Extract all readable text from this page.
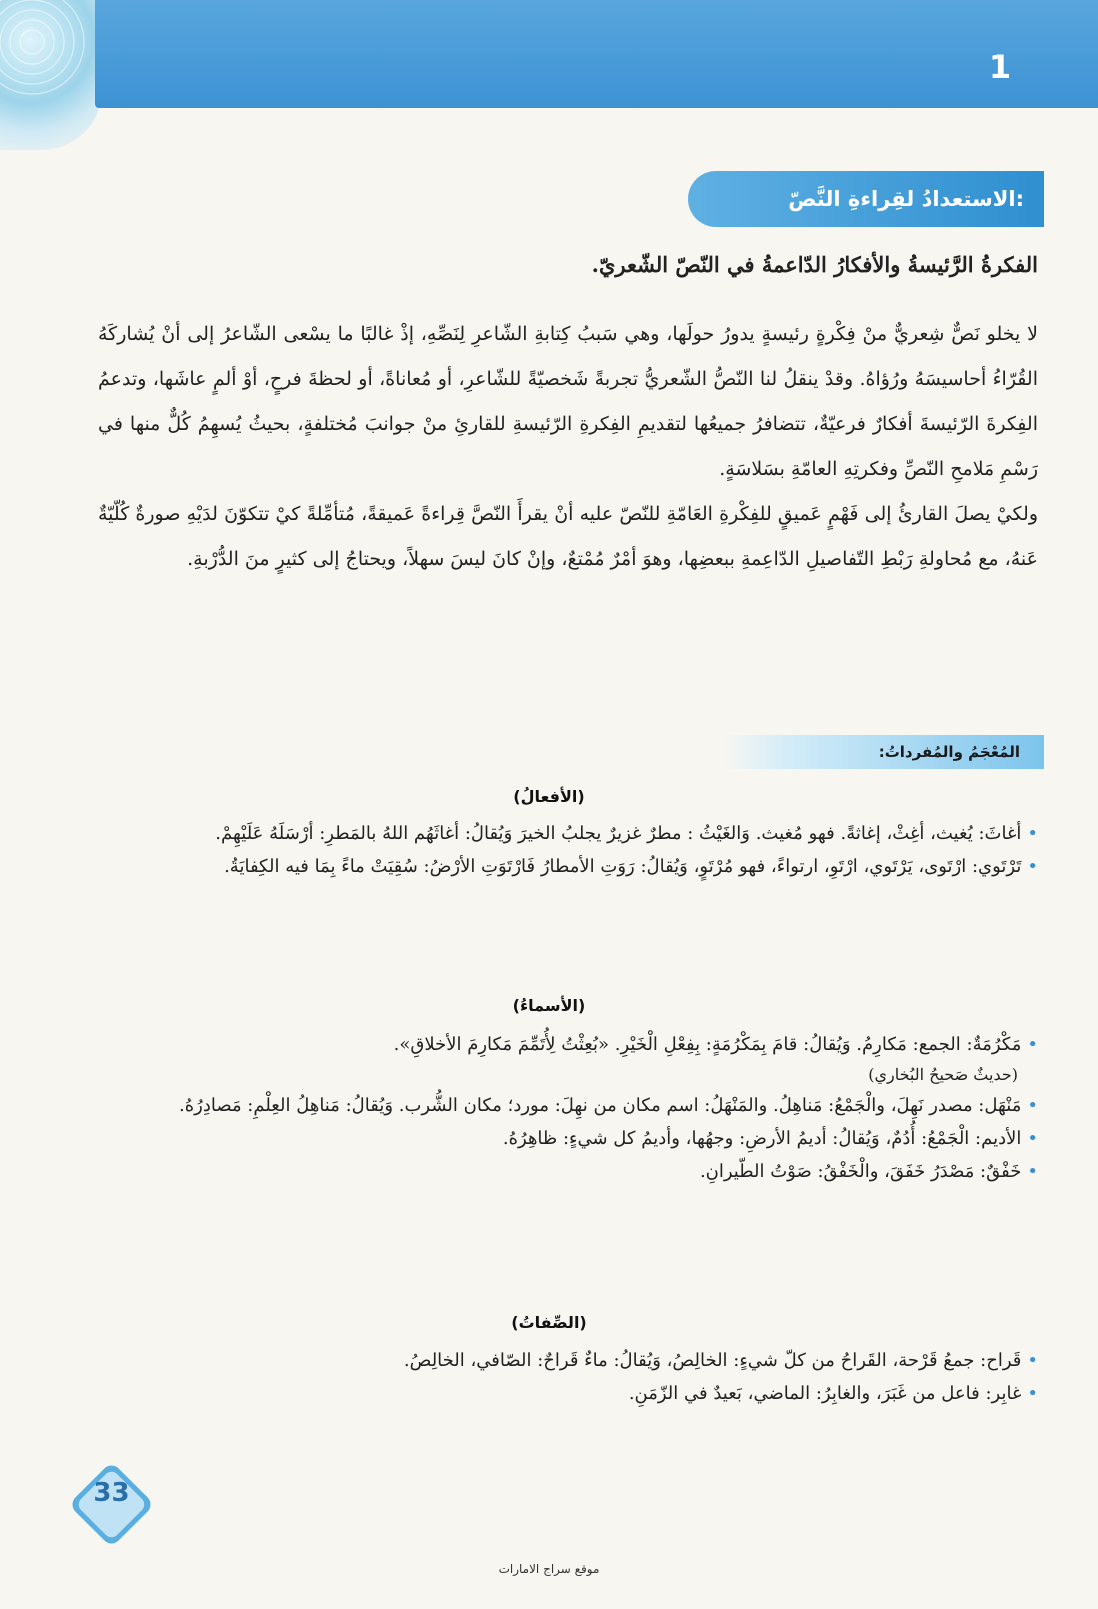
1
الاستعدادُ لقِراءةِ النَّصّ:
الفكرةُ الرَّئيسةُ والأفكارُ الدّاعمةُ في النّصّ الشّعريّ.

لا يخلو نَصٌّ شِعريٌّ منْ فِكْرةٍ رئيسةٍ يدورُ حولَها، وهي سَببُ كِتابةِ الشّاعرِ لِنَصِّهِ، إذْ غالبًا ما يسْعى الشّاعرُ إلى أنْ يُشاركَهُ القُرّاءُ أحاسيسَهُ ورُؤاهُ. وقدْ ينقلُ لنا النّصُّ الشّعريُّ تجربةً شَخصيّةً للشّاعرِ، أو مُعاناةً، أو لحظةَ فرحٍ، أوْ ألمٍ عاشَها، وتدعمُ الفِكرةَ الرّئيسةَ أفكارٌ فرعيّةٌ، تتضافرُ جميعُها لتقديمِ الفِكرةِ الرّئيسةِ للقارئِ منْ جوانبَ مُختلفةٍ، بحيثُ يُسهِمُ كُلٌّ منها في رَسْمِ مَلامحِ النّصِّ وفكرتِهِ العامّةِ بسَلاسَةٍ.

ولكيْ يصلَ القارئُ إلى فَهْمٍ عَميقٍ للفِكْرةِ العَامّةِ للنّصّ عليه أنْ يقرأَ النّصَّ قِراءةً عَميقةً، مُتأمِّلةً كيْ تتكوّنَ لدَيْهِ صورةٌ كُلّيّةٌ عَنهُ، مع مُحاولةِ رَبْطِ التّفاصيلِ الدّاعِمةِ ببعضِها، وهوَ أمْرٌ مُمْتعٌ، وإنْ كانَ ليسَ سهلاً، ويحتاجُ إلى كثيرٍ منَ الدُّرْبةِ.

المُعْجَمُ والمُفرداتُ:
(الأفعالُ)

•أغاثَ: يُغيث، أغِثْ، إغاثةً. فهو مُغيث. وَالغَيْثُ : مطرٌ غزيرٌ يجلبُ الخيرَ وَيُقالُ: أغاثَهُم اللهُ بالمَطرِ: أرْسَلَهُ عَلَيْهِمْ.

•تَرْتَوي: ارْتَوى، يَرْتَوي، ارْتَوِ، ارتواءً، فهو مُرْتَوٍ، وَيُقالُ: رَوَتِ الأمطارُ فَارْتَوَتِ الأرْضُ: سُقِيَتْ ماءً بِمَا فيه الكِفايَةُ.

(الأسماءُ)

•مَكْرُمَةٌ: الجمع: مَكارِمُ. وَيُقالُ: قامَ بِمَكْرُمَةٍ: بِفِعْلِ الْخَيْرِ. «بُعِثْتُ لِأُتَمِّمَ مَكارِمَ الأخلاقِ».

(حديثٌ صَحيحُ البُخاري)

•مَنْهَل: مصدر نَهِلَ، والْجَمْعُ: مَناهِلُ. والمَنْهَلُ: اسم مكان من نهِلَ: مورد؛ مكان الشُّرب. وَيُقالُ: مَناهِلُ العِلْمِ: مَصادِرُهُ.

•الأديم: الْجَمْعُ: أُدُمٌ، وَيُقالُ: أديمُ الأرضِ: وجهُها، وأديمُ كل شيءٍ: ظاهِرُهُ.

•خَفْقٌ: مَصْدَرُ خَفَقَ، والْخَفْقُ: صَوْتُ الطّيرانِ.

(الصِّفاتُ)

•قَراح: جمعُ قَرْحة، القَراحُ من كلّ شيءٍ: الخالِصُ، وَيُقالُ: ماءٌ قَراحٌ: الصّافي، الخالِصُ.

•غابِر: فاعل من غَبَرَ، والغابِرُ: الماضي، بَعيدٌ في الزّمَنِ.

33
موقع سراج الامارات
